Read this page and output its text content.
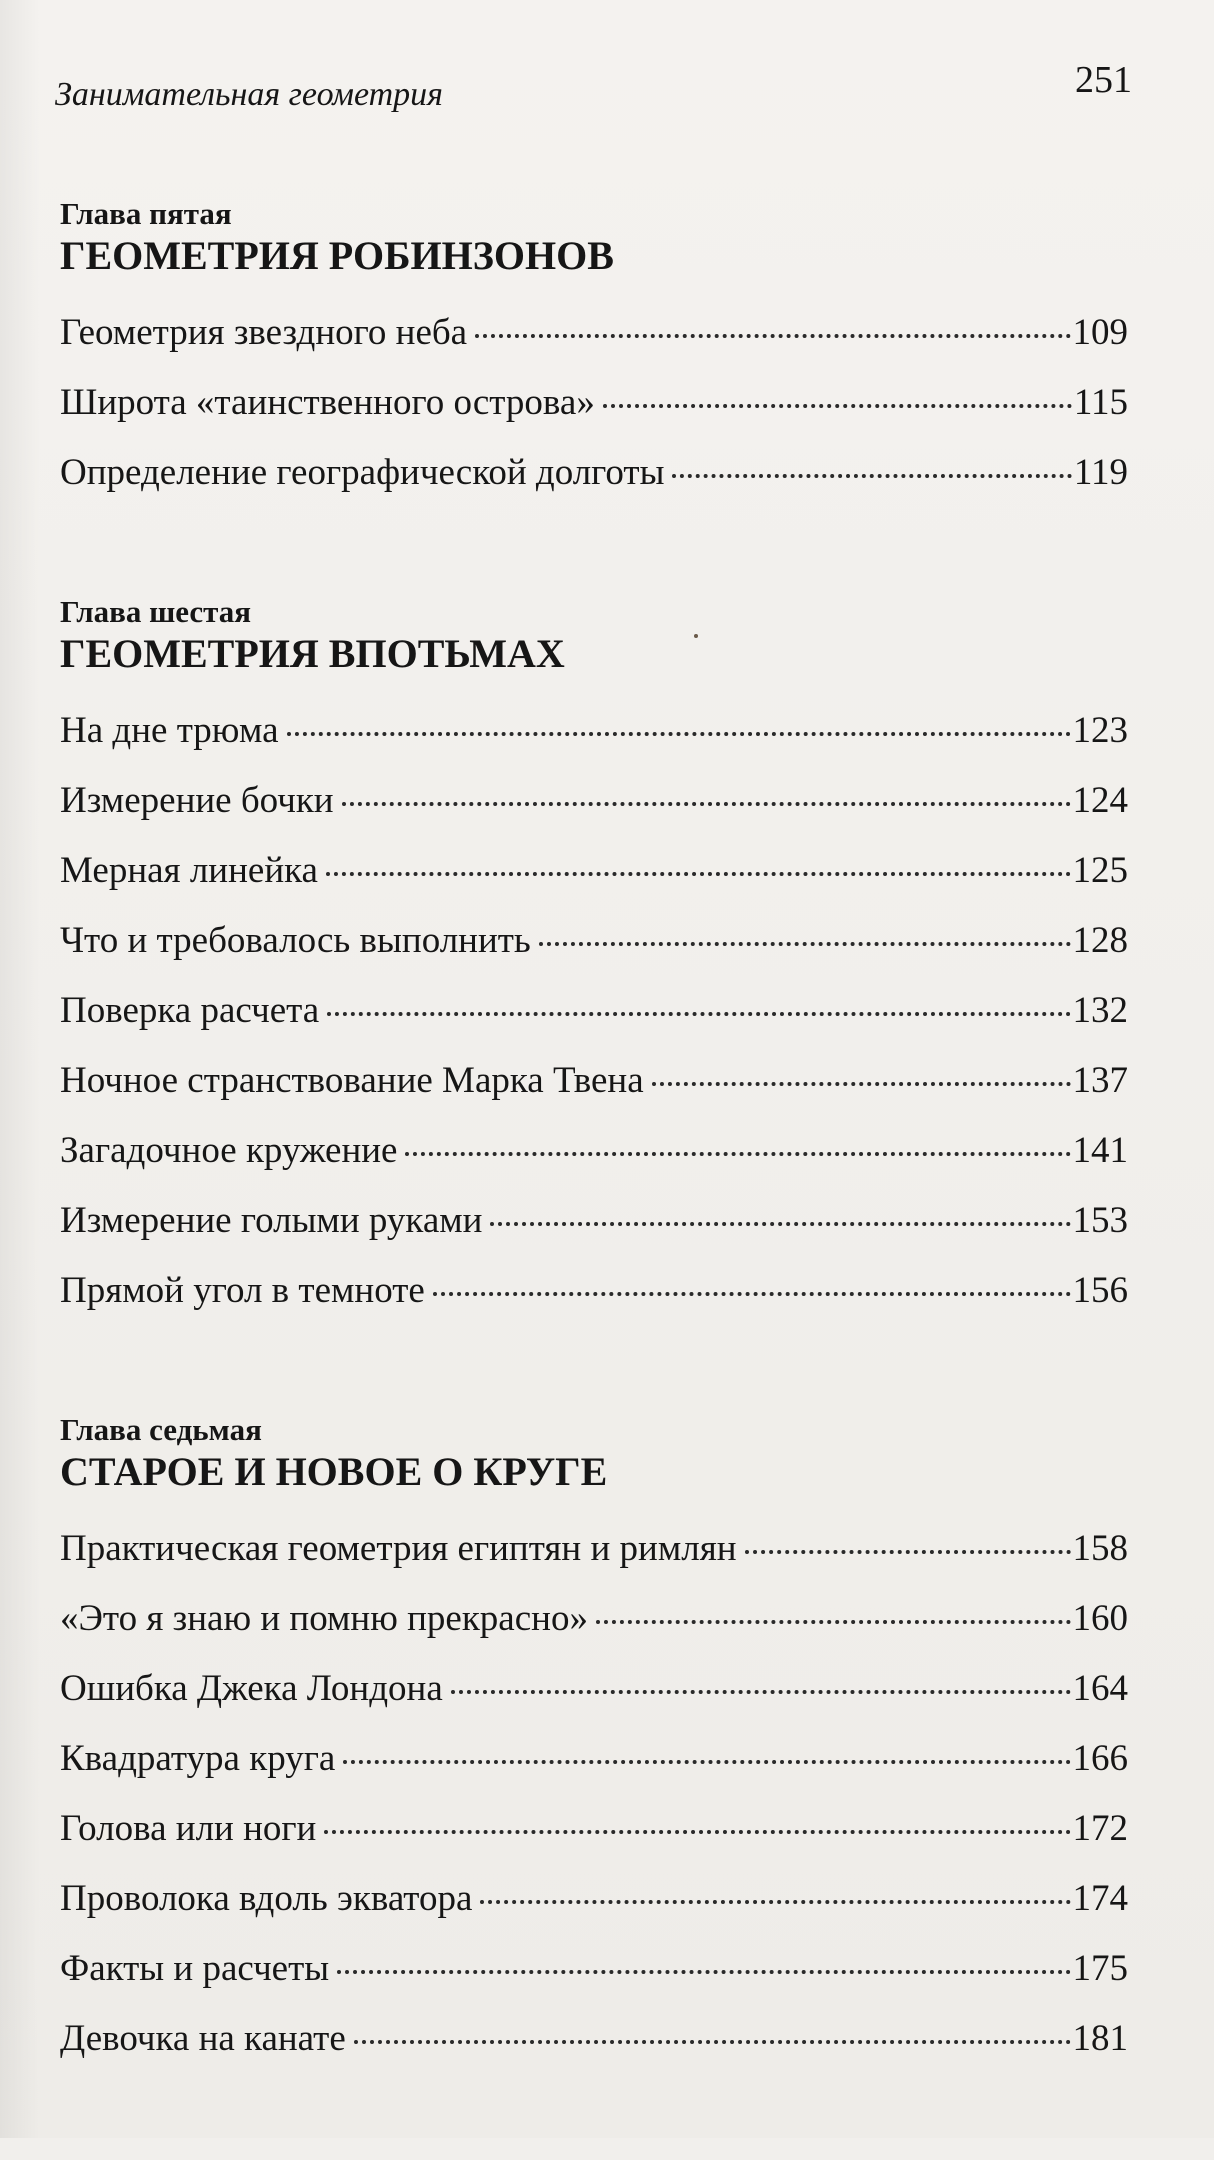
Занимательная геометрия	251
Глава пятая
ГЕОМЕТРИЯ РОБИНЗОНОВ
Геометрия звездного неба	109
Широта «таинственного острова»	115
Определение географической долготы	119
Глава шестая
ГЕОМЕТРИЯ ВПОТЬМАХ
На дне трюма	123
Измерение бочки	124
Мерная линейка	125
Что и требовалось выполнить	128
Поверка расчета	132
Ночное странствование Марка Твена	137
Загадочное кружение	141
Измерение голыми руками	153
Прямой угол в темноте	156
Глава седьмая
СТАРОЕ И НОВОЕ О КРУГЕ
Практическая геометрия египтян и римлян	158
«Это я знаю и помню прекрасно»	160
Ошибка Джека Лондона	164
Квадратура круга	166
Голова или ноги	172
Проволока вдоль экватора	174
Факты и расчеты	175
Девочка на канате	181
